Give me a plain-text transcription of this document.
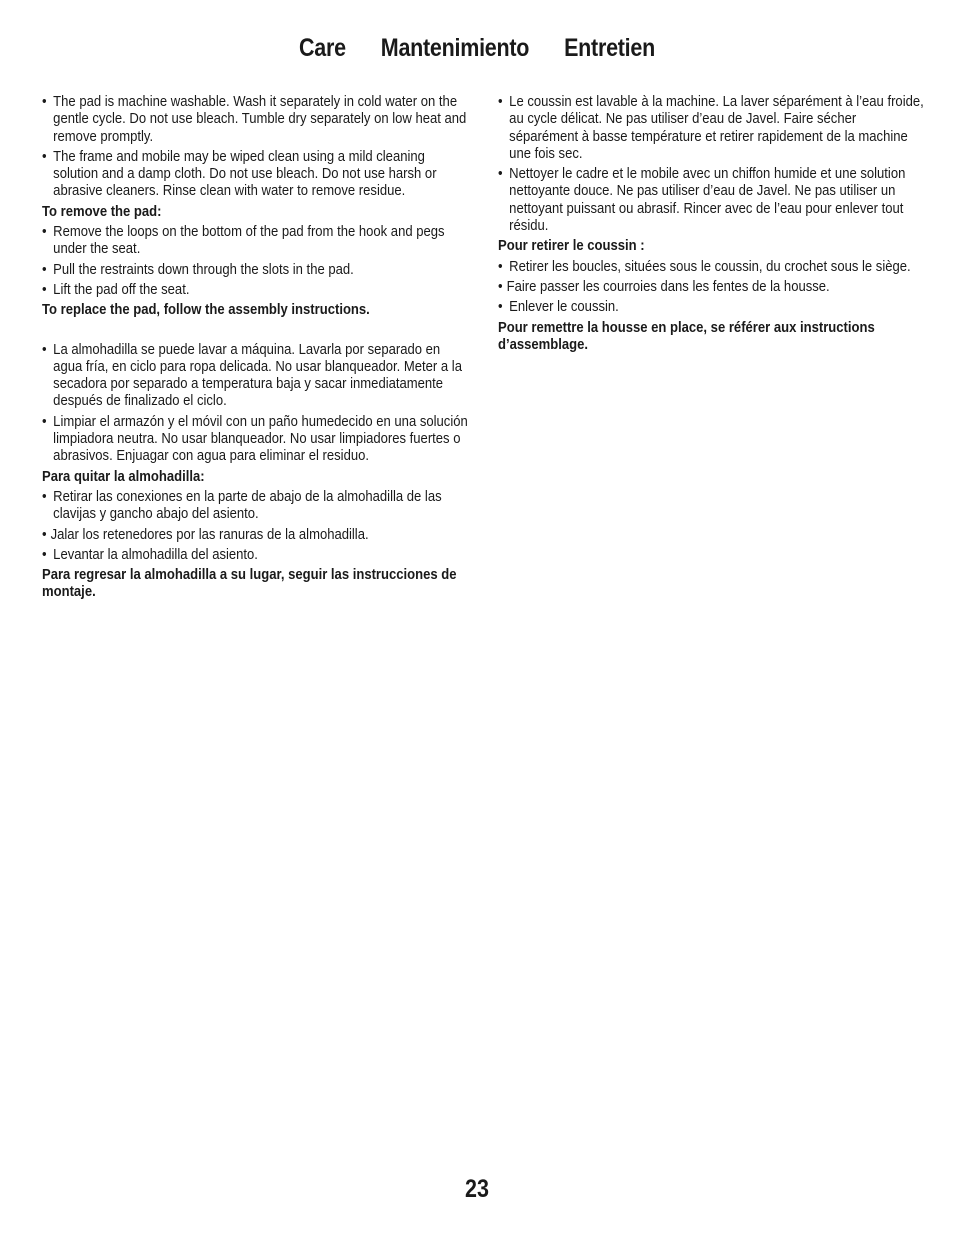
Care Mantenimiento Entretien
• The pad is machine washable. Wash it separately in cold water on the gentle cycle. Do not use bleach. Tumble dry separately on low heat and remove promptly.
• The frame and mobile may be wiped clean using a mild cleaning solution and a damp cloth. Do not use bleach. Do not use harsh or abrasive cleaners. Rinse clean with water to remove residue.
To remove the pad:
• Remove the loops on the bottom of the pad from the hook and pegs under the seat.
• Pull the restraints down through the slots in the pad.
• Lift the pad off the seat.
To replace the pad, follow the assembly instructions.
• La almohadilla se puede lavar a máquina. Lavarla por separado en agua fría, en ciclo para ropa delicada. No usar blanqueador. Meter a la secadora por separado a temperatura baja y sacar inmediatamente después de finalizado el ciclo.
• Limpiar el armazón y el móvil con un paño humedecido en una solución limpiadora neutra. No usar blanqueador. No usar limpiadores fuertes o abrasivos. Enjuagar con agua para eliminar el residuo.
Para quitar la almohadilla:
• Retirar las conexiones en la parte de abajo de la almohadilla de las clavijas y gancho abajo del asiento.
• Jalar los retenedores por las ranuras de la almohadilla.
• Levantar la almohadilla del asiento.
Para regresar la almohadilla a su lugar, seguir las instrucciones de montaje.
• Le coussin est lavable à la machine. La laver séparément à l’eau froide, au cycle délicat. Ne pas utiliser d’eau de Javel. Faire sécher séparément à basse température et retirer rapidement de la machine une fois sec.
• Nettoyer le cadre et le mobile avec un chiffon humide et une solution nettoyante douce. Ne pas utiliser d’eau de Javel. Ne pas utiliser un nettoyant puissant ou abrasif. Rincer avec de l’eau pour enlever tout résidu.
Pour retirer le coussin :
• Retirer les boucles, situées sous le coussin, du crochet sous le siège.
• Faire passer les courroies dans les fentes de la housse.
• Enlever le coussin.
Pour remettre la housse en place, se référer aux instructions d’assemblage.
23
